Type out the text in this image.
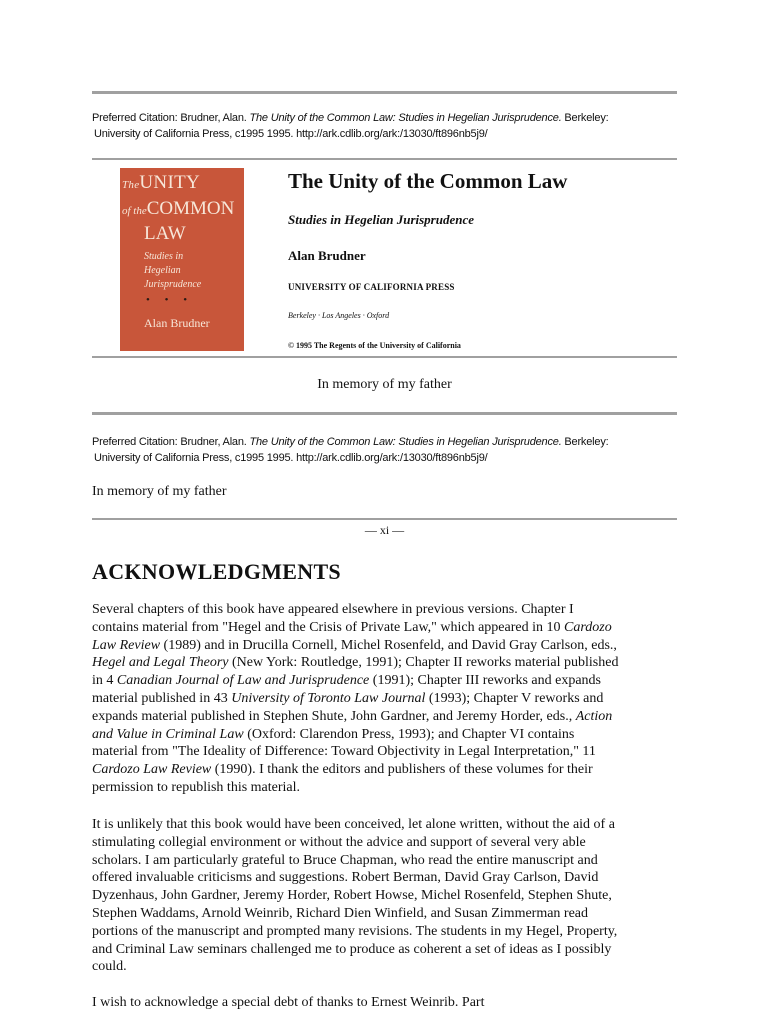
Preferred Citation: Brudner, Alan. The Unity of the Common Law: Studies in Hegelian Jurisprudence. Berkeley:
University of California Press, c1995 1995. http://ark.cdlib.org/ark:/13030/ft896nb5j9/
TheUNITY
of theCOMMON
LAW
Studies in
Hegelian
Jurisprudence
• • •
Alan Brudner
The Unity of the Common Law
Studies in Hegelian Jurisprudence
Alan Brudner
UNIVERSITY OF CALIFORNIA PRESS
Berkeley · Los Angeles · Oxford
© 1995 The Regents of the University of California
In memory of my father
Preferred Citation: Brudner, Alan. The Unity of the Common Law: Studies in Hegelian Jurisprudence. Berkeley:
University of California Press, c1995 1995. http://ark.cdlib.org/ark:/13030/ft896nb5j9/
In memory of my father
— xi —
ACKNOWLEDGMENTS
Several chapters of this book have appeared elsewhere in previous versions. Chapter I
contains material from "Hegel and the Crisis of Private Law," which appeared in 10 Cardozo
Law Review (1989) and in Drucilla Cornell, Michel Rosenfeld, and David Gray Carlson, eds.,
Hegel and Legal Theory (New York: Routledge, 1991); Chapter II reworks material published
in 4 Canadian Journal of Law and Jurisprudence (1991); Chapter III reworks and expands
material published in 43 University of Toronto Law Journal (1993); Chapter V reworks and
expands material published in Stephen Shute, John Gardner, and Jeremy Horder, eds., Action
and Value in Criminal Law (Oxford: Clarendon Press, 1993); and Chapter VI contains
material from "The Ideality of Difference: Toward Objectivity in Legal Interpretation," 11
Cardozo Law Review (1990). I thank the editors and publishers of these volumes for their
permission to republish this material.
It is unlikely that this book would have been conceived, let alone written, without the aid of a
stimulating collegial environment or without the advice and support of several very able
scholars. I am particularly grateful to Bruce Chapman, who read the entire manuscript and
offered invaluable criticisms and suggestions. Robert Berman, David Gray Carlson, David
Dyzenhaus, John Gardner, Jeremy Horder, Robert Howse, Michel Rosenfeld, Stephen Shute,
Stephen Waddams, Arnold Weinrib, Richard Dien Winfield, and Susan Zimmerman read
portions of the manuscript and prompted many revisions. The students in my Hegel, Property,
and Criminal Law seminars challenged me to produce as coherent a set of ideas as I possibly
could.
I wish to acknowledge a special debt of thanks to Ernest Weinrib. Part
